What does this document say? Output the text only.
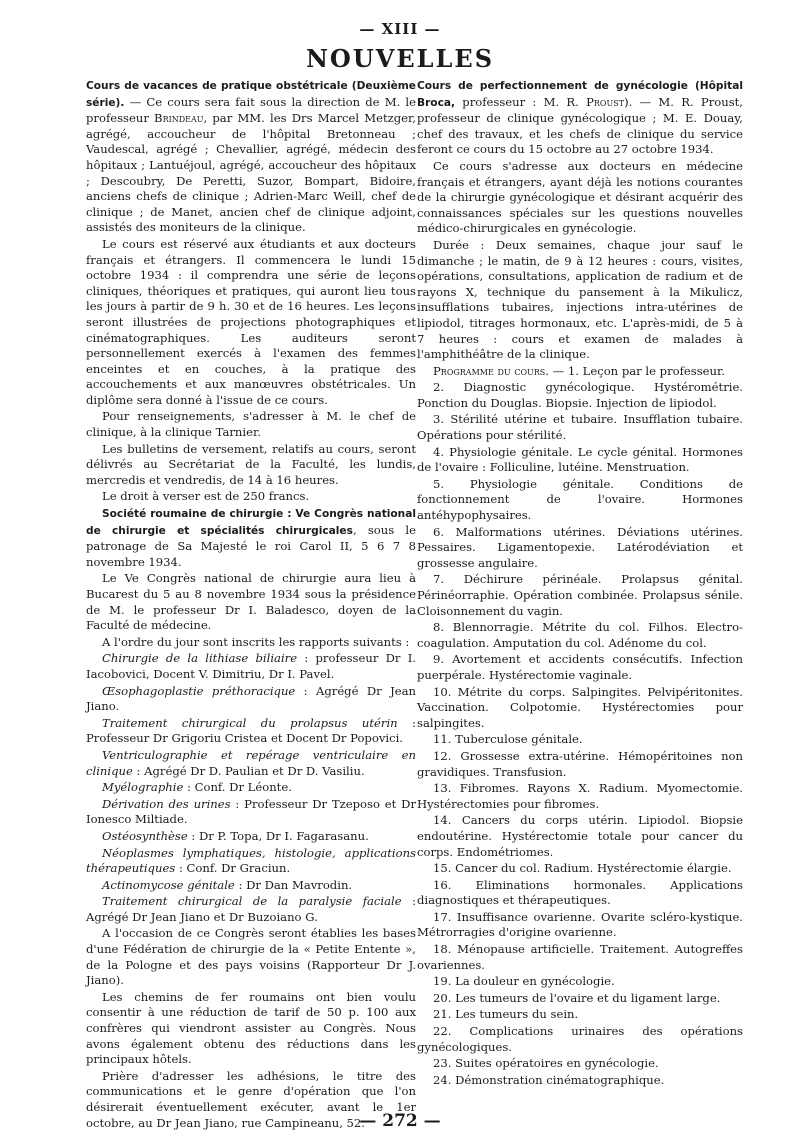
— XIII —
NOUVELLES

Cours de vacances de pratique obstétricale (Deuxième série). — Ce cours sera fait sous la direction de M. le professeur Brindeau, par MM. les Drs Marcel Metzger, agrégé, accoucheur de l'hôpital Bretonneau ; Vaudescal, agrégé ; Chevallier, agrégé, médecin des hôpitaux ; Lantuéjoul, agrégé, accoucheur des hôpitaux ; Descoubry, De Peretti, Suzor, Bompart, Bidoire, anciens chefs de clinique ; Adrien-Marc Weill, chef de clinique ; de Manet, ancien chef de clinique adjoint, assistés des moniteurs de la clinique.

Le cours est réservé aux étudiants et aux docteurs français et étrangers. Il commencera le lundi 15 octobre 1934 : il comprendra une série de leçons cliniques, théoriques et pratiques, qui auront lieu tous les jours à partir de 9 h. 30 et de 16 heures. Les leçons seront illustrées de projections photographiques et cinématographiques. Les auditeurs seront personnellement exercés à l'examen des femmes enceintes et en couches, à la pratique des accouchements et aux manœuvres obstétricales. Un diplôme sera donné à l'issue de ce cours.

Pour renseignements, s'adresser à M. le chef de clinique, à la clinique Tarnier.

Les bulletins de versement, relatifs au cours, seront délivrés au Secrétariat de la Faculté, les lundis, mercredis et vendredis, de 14 à 16 heures.

Le droit à verser est de 250 francs.

Société roumaine de chirurgie : Ve Congrès national de chirurgie et spécialités chirurgicales, sous le patronage de Sa Majesté le roi Carol II, 5 6 7 8 novembre 1934.

Le Ve Congrès national de chirurgie aura lieu à Bucarest du 5 au 8 novembre 1934 sous la présidence de M. le professeur Dr I. Baladesco, doyen de la Faculté de médecine.

A l'ordre du jour sont inscrits les rapports suivants :

Chirurgie de la lithiase biliaire : professeur Dr I. Iacobovici, Docent V. Dimitriu, Dr I. Pavel.

Œsophagoplastie préthoracique : Agrégé Dr Jean Jiano.

Traitement chirurgical du prolapsus utérin : Professeur Dr Grigoriu Cristea et Docent Dr Popovici.

Ventriculographie et repérage ventriculaire en clinique : Agrégé Dr D. Paulian et Dr D. Vasiliu.

Myélographie : Conf. Dr Léonte.

Dérivation des urines : Professeur Dr Tzeposo et Dr Ionesco Miltiade.

Ostéosynthèse : Dr P. Topa, Dr I. Fagarasanu.

Néoplasmes lymphatiques, histologie, applications thérapeutiques : Conf. Dr Graciun.

Actinomycose génitale : Dr Dan Mavrodin.

Traitement chirurgical de la paralysie faciale : Agrégé Dr Jean Jiano et Dr Buzoiano G.

A l'occasion de ce Congrès seront établies les bases d'une Fédération de chirurgie de la « Petite Entente », de la Pologne et des pays voisins (Rapporteur Dr J. Jiano).

Les chemins de fer roumains ont bien voulu consentir à une réduction de tarif de 50 p. 100 aux confrères qui viendront assister au Congrès. Nous avons également obtenu des réductions dans les principaux hôtels.

Prière d'adresser les adhésions, le titre des communications et le genre d'opération que l'on désirerait éventuellement exécuter, avant le 1er octobre, au Dr Jean Jiano, rue Campineanu, 52.

Cours de perfectionnement de gynécologie (Hôpital Broca, professeur : M. R. Proust). — M. R. Proust, professeur de clinique gynécologique ; M. E. Douay, chef des travaux, et les chefs de clinique du service feront ce cours du 15 octobre au 27 octobre 1934.

Ce cours s'adresse aux docteurs en médecine français et étrangers, ayant déjà les notions courantes de la chirurgie gynécologique et désirant acquérir des connaissances spéciales sur les questions nouvelles médico-chirurgicales en gynécologie.

Durée : Deux semaines, chaque jour sauf le dimanche ; le matin, de 9 à 12 heures : cours, visites, opérations, consultations, application de radium et de rayons X, technique du pansement à la Mikulicz, insufflations tubaires, injections intra-utérines de lipiodol, titrages hormonaux, etc. L'après-midi, de 5 à 7 heures : cours et examen de malades à l'amphithéâtre de la clinique.

Programme du cours. — 1. Leçon par le professeur.

2. Diagnostic gynécologique. Hystérométrie. Ponction du Douglas. Biopsie. Injection de lipiodol.

3. Stérilité utérine et tubaire. Insufflation tubaire. Opérations pour stérilité.

4. Physiologie génitale. Le cycle génital. Hormones de l'ovaire : Folliculine, lutéine. Menstruation.

5. Physiologie génitale. Conditions de fonctionnement de l'ovaire. Hormones antéhypophysaires.

6. Malformations utérines. Déviations utérines. Pessaires. Ligamentopexie. Latérodéviation et grossesse angulaire.

7. Déchirure périnéale. Prolapsus génital. Périnéorraphie. Opération combinée. Prolapsus sénile. Cloisonnement du vagin.

8. Blennorragie. Métrite du col. Filhos. Electro-coagulation. Amputation du col. Adénome du col.

9. Avortement et accidents consécutifs. Infection puerpérale. Hystérectomie vaginale.

10. Métrite du corps. Salpingites. Pelvipéritonites. Vaccination. Colpotomie. Hystérectomies pour salpingites.

11. Tuberculose génitale.

12. Grossesse extra-utérine. Hémopéritoines non gravidiques. Transfusion.

13. Fibromes. Rayons X. Radium. Myomectomie. Hystérectomies pour fibromes.

14. Cancers du corps utérin. Lipiodol. Biopsie endoutérine. Hystérectomie totale pour cancer du corps. Endométriomes.

15. Cancer du col. Radium. Hystérectomie élargie.

16. Eliminations hormonales. Applications diagnostiques et thérapeutiques.

17. Insuffisance ovarienne. Ovarite scléro-kystique. Métrorragies d'origine ovarienne.

18. Ménopause artificielle. Traitement. Autogreffes ovariennes.

19. La douleur en gynécologie.

20. Les tumeurs de l'ovaire et du ligament large.

21. Les tumeurs du sein.

22. Complications urinaires des opérations gynécologiques.

23. Suites opératoires en gynécologie.

24. Démonstration cinématographique.

— 272 —
